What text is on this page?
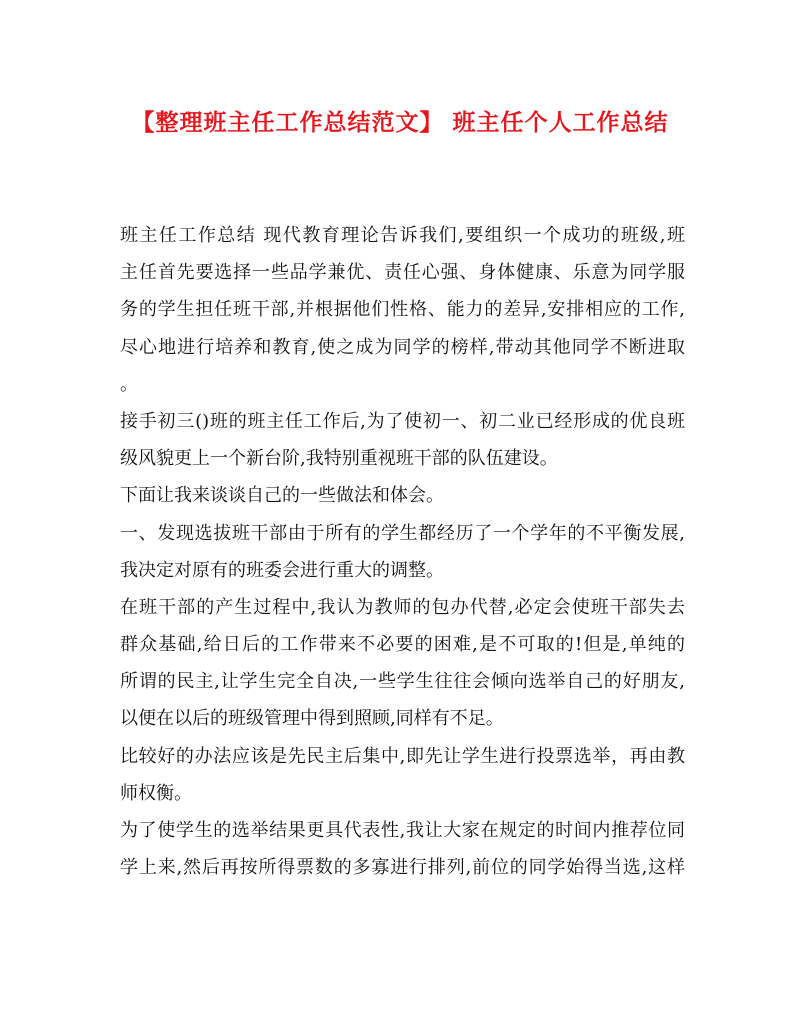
【整理班主任工作总结范文】 班主任个人工作总结
班主任工作总结 现代教育理论告诉我们,要组织一个成功的班级,班
主任首先要选择一些品学兼优、责任心强、身体健康、乐意为同学服
务的学生担任班干部,并根据他们性格、能力的差异,安排相应的工作,
尽心地进行培养和教育,使之成为同学的榜样,带动其他同学不断进取
。
接手初三()班的班主任工作后,为了使初一、初二业已经形成的优良班
级风貌更上一个新台阶,我特别重视班干部的队伍建设。
下面让我来谈谈自己的一些做法和体会。
一、发现选拔班干部由于所有的学生都经历了一个学年的不平衡发展,
我决定对原有的班委会进行重大的调整。
在班干部的产生过程中,我认为教师的包办代替,必定会使班干部失去
群众基础,给日后的工作带来不必要的困难,是不可取的!但是,单纯的
所谓的民主,让学生完全自决,一些学生往往会倾向选举自己的好朋友,
以便在以后的班级管理中得到照顾,同样有不足。
比较好的办法应该是先民主后集中,即先让学生进行投票选举，再由教
师权衡。
为了使学生的选举结果更具代表性,我让大家在规定的时间内推荐位同
学上来,然后再按所得票数的多寡进行排列,前位的同学始得当选,这样
